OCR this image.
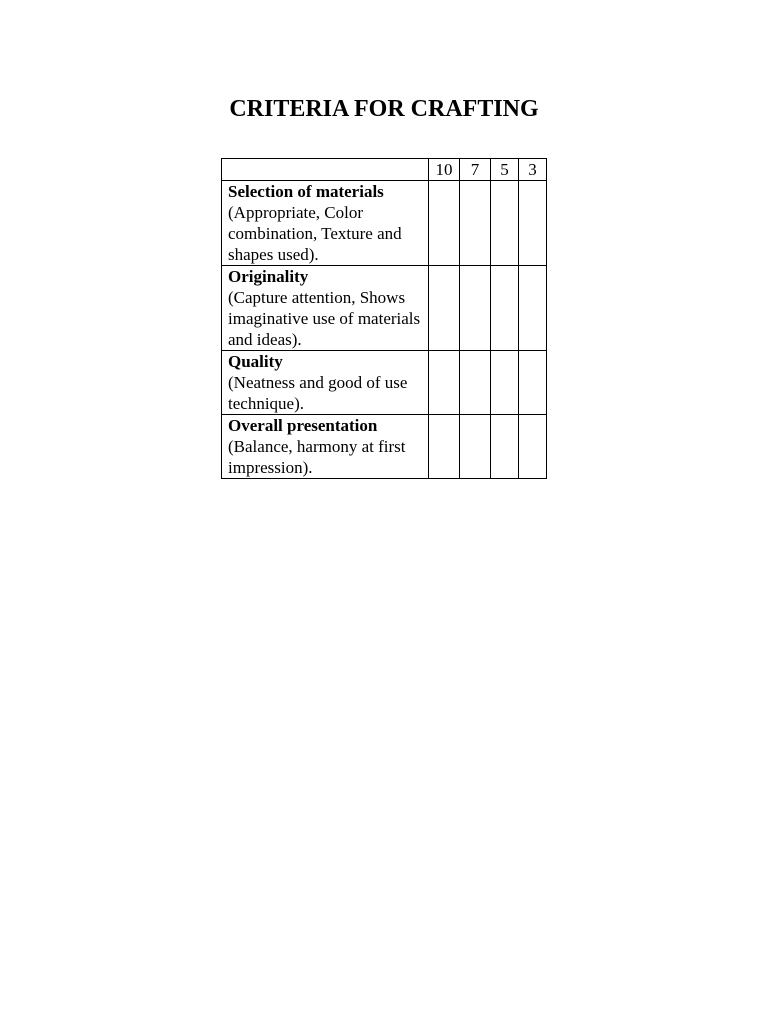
CRITERIA FOR CRAFTING
	10	7	5	3

Selection of materials
(Appropriate, Color combination, Texture and shapes used).				

Originality
(Capture attention, Shows imaginative use of materials and ideas).				

Quality
(Neatness and good of use technique).				

Overall presentation
(Balance, harmony at first impression).				
